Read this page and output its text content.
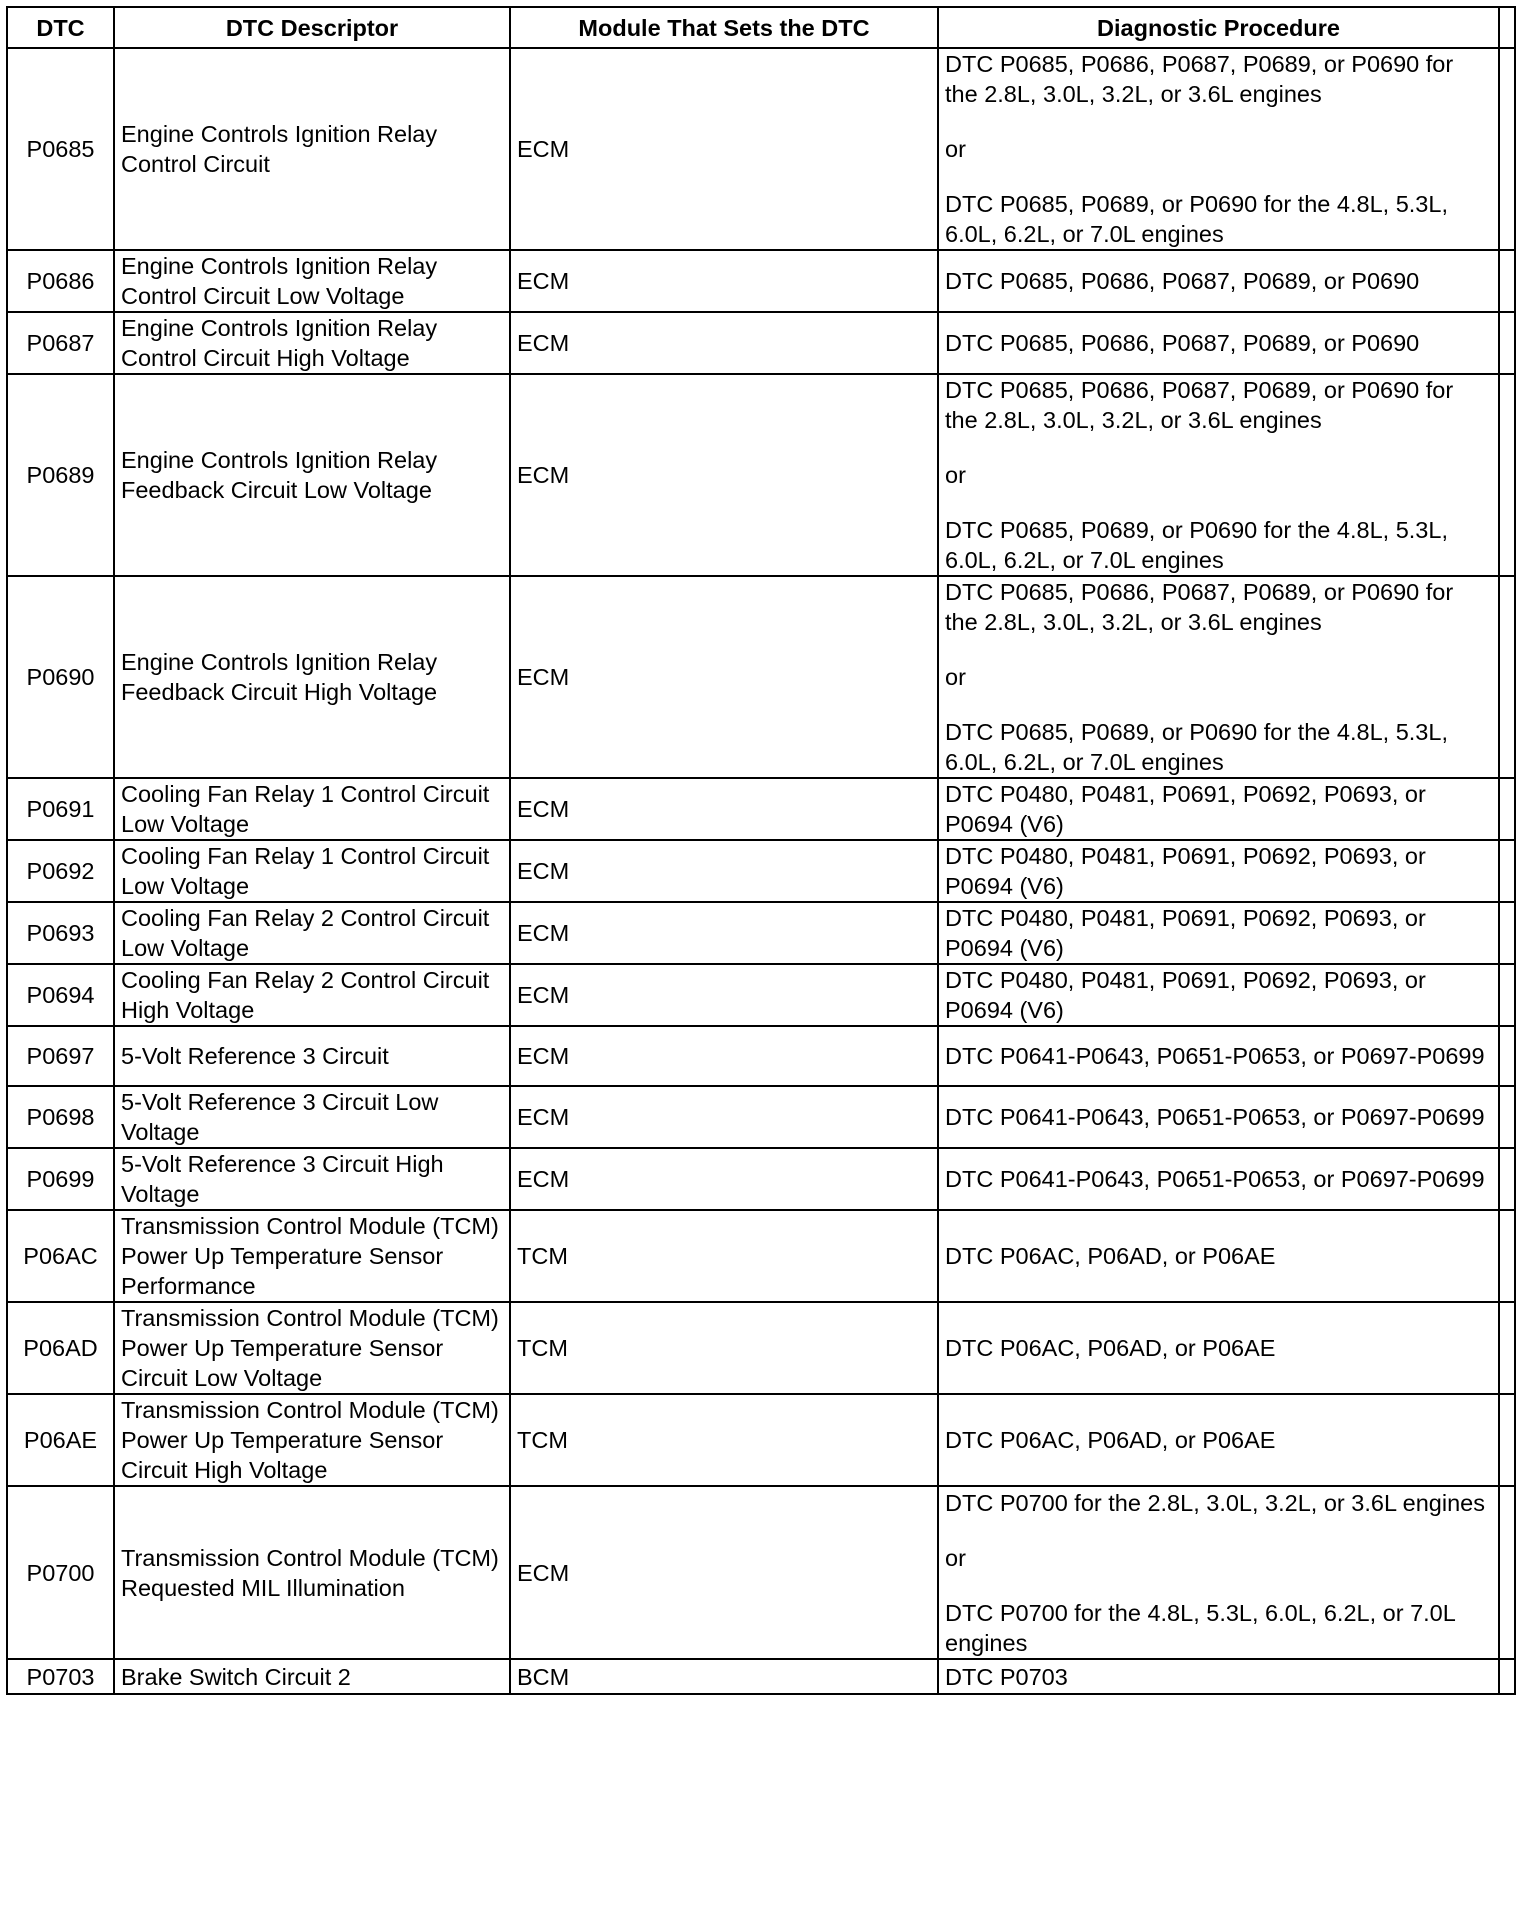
DTC	DTC Descriptor	Module That Sets the DTC	Diagnostic Procedure	
P0685	Engine Controls Ignition Relay Control Circuit	ECM	DTC P0685, P0686, P0687, P0689, or P0690 for the 2.8L, 3.0L, 3.2L, or 3.6L engines
or
DTC P0685, P0689, or P0690 for the 4.8L, 5.3L, 6.0L, 6.2L, or 7.0L engines	

P0686	Engine Controls Ignition Relay Control Circuit Low Voltage	ECM	DTC P0685, P0686, P0687, P0689, or P0690	

P0687	Engine Controls Ignition Relay Control Circuit High Voltage	ECM	DTC P0685, P0686, P0687, P0689, or P0690	

P0689	Engine Controls Ignition Relay Feedback Circuit Low Voltage	ECM	DTC P0685, P0686, P0687, P0689, or P0690 for the 2.8L, 3.0L, 3.2L, or 3.6L engines
or
DTC P0685, P0689, or P0690 for the 4.8L, 5.3L, 6.0L, 6.2L, or 7.0L engines	

P0690	Engine Controls Ignition Relay Feedback Circuit High Voltage	ECM	DTC P0685, P0686, P0687, P0689, or P0690 for the 2.8L, 3.0L, 3.2L, or 3.6L engines
or
DTC P0685, P0689, or P0690 for the 4.8L, 5.3L, 6.0L, 6.2L, or 7.0L engines	

P0691	Cooling Fan Relay 1 Control Circuit Low Voltage	ECM	DTC P0480, P0481, P0691, P0692, P0693, or P0694 (V6)	

P0692	Cooling Fan Relay 1 Control Circuit Low Voltage	ECM	DTC P0480, P0481, P0691, P0692, P0693, or P0694 (V6)	

P0693	Cooling Fan Relay 2 Control Circuit Low Voltage	ECM	DTC P0480, P0481, P0691, P0692, P0693, or P0694 (V6)	

P0694	Cooling Fan Relay 2 Control Circuit High Voltage	ECM	DTC P0480, P0481, P0691, P0692, P0693, or P0694 (V6)	

P0697	5-Volt Reference 3 Circuit	ECM	DTC P0641-P0643, P0651-P0653, or P0697-P0699	

P0698	5-Volt Reference 3 Circuit Low Voltage	ECM	DTC P0641-P0643, P0651-P0653, or P0697-P0699	

P0699	5-Volt Reference 3 Circuit High Voltage	ECM	DTC P0641-P0643, P0651-P0653, or P0697-P0699	

P06AC	Transmission Control Module (TCM) Power Up Temperature Sensor Performance	TCM	DTC P06AC, P06AD, or P06AE	

P06AD	Transmission Control Module (TCM) Power Up Temperature Sensor Circuit Low Voltage	TCM	DTC P06AC, P06AD, or P06AE	

P06AE	Transmission Control Module (TCM) Power Up Temperature Sensor Circuit High Voltage	TCM	DTC P06AC, P06AD, or P06AE	

P0700	Transmission Control Module (TCM) Requested MIL Illumination	ECM	DTC P0700 for the 2.8L, 3.0L, 3.2L, or 3.6L engines
or
DTC P0700 for the 4.8L, 5.3L, 6.0L, 6.2L, or 7.0L engines	

P0703	Brake Switch Circuit 2	BCM	DTC P0703	
